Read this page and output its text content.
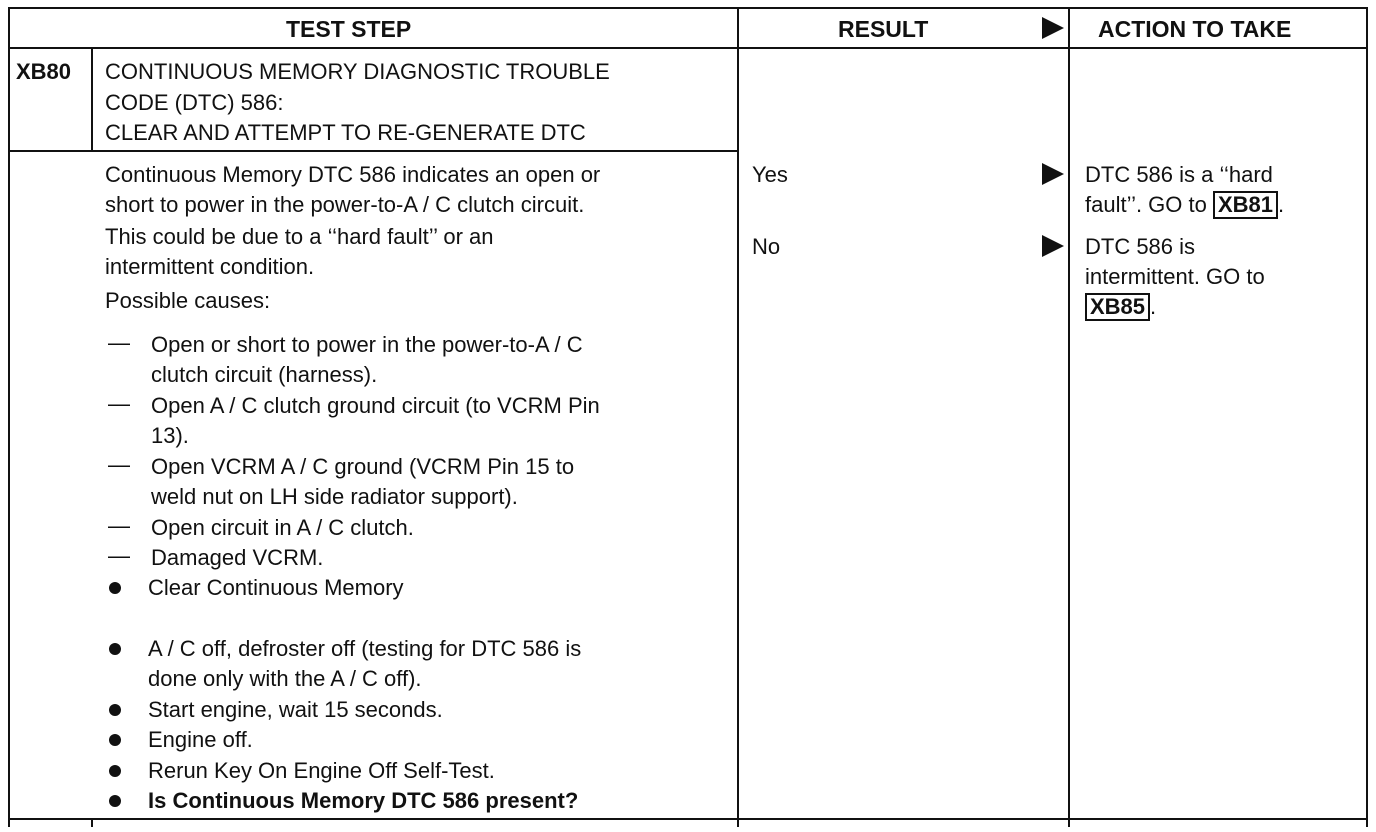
TEST STEP	RESULT	ACTION TO TAKE
XB80 CONTINUOUS MEMORY DIAGNOSTIC TROUBLE
CODE (DTC) 586:
CLEAR AND ATTEMPT TO RE-GENERATE DTC
Continuous Memory DTC 586 indicates an open or
short to power in the power-to-A / C clutch circuit.
This could be due to a ‘‘hard fault’’ or an
intermittent condition.
Possible causes:
— Open or short to power in the power-to-A / C
clutch circuit (harness).
— Open A / C clutch ground circuit (to VCRM Pin
13).
— Open VCRM A / C ground (VCRM Pin 15 to
weld nut on LH side radiator support).
— Open circuit in A / C clutch.
— Damaged VCRM.
Clear Continuous Memory
A / C off, defroster off (testing for DTC 586 is
done only with the A / C off).
Start engine, wait 15 seconds.
Engine off.
Rerun Key On Engine Off Self-Test.
Is Continuous Memory DTC 586 present?
Yes
No
DTC 586 is a ‘‘hard
fault’’. GO to XB81 .
DTC 586 is
intermittent. GO to
XB85 .
